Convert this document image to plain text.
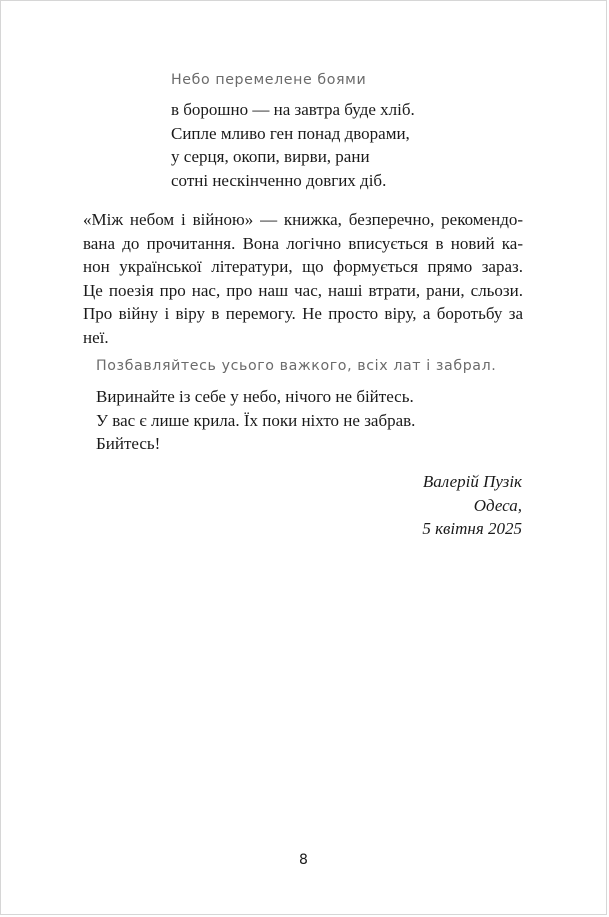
Небо перемелене боями
в борошно — на завтра буде хліб.
Сипле мливо ген понад дворами,
у серця, окопи, вирви, рани
сотні нескінченно довгих діб.
«Між небом і війною» — книжка, безперечно, рекомендо-
вана до прочитання. Вона логічно вписується в новий ка-
нон української літератури, що формується прямо зараз.
Це поезія про нас, про наш час, наші втрати, рани, сльози.
Про війну і віру в перемогу. Не просто віру, а боротьбу за
неї.
Позбавляйтесь усього важкого, всіх лат і забрал.
Виринайте із себе у небо, нічого не бійтесь.
У вас є лише крила. Їх поки ніхто не забрав.
Бийтесь!
Валерій Пузік
Одеса,
5 квітня 2025
8
